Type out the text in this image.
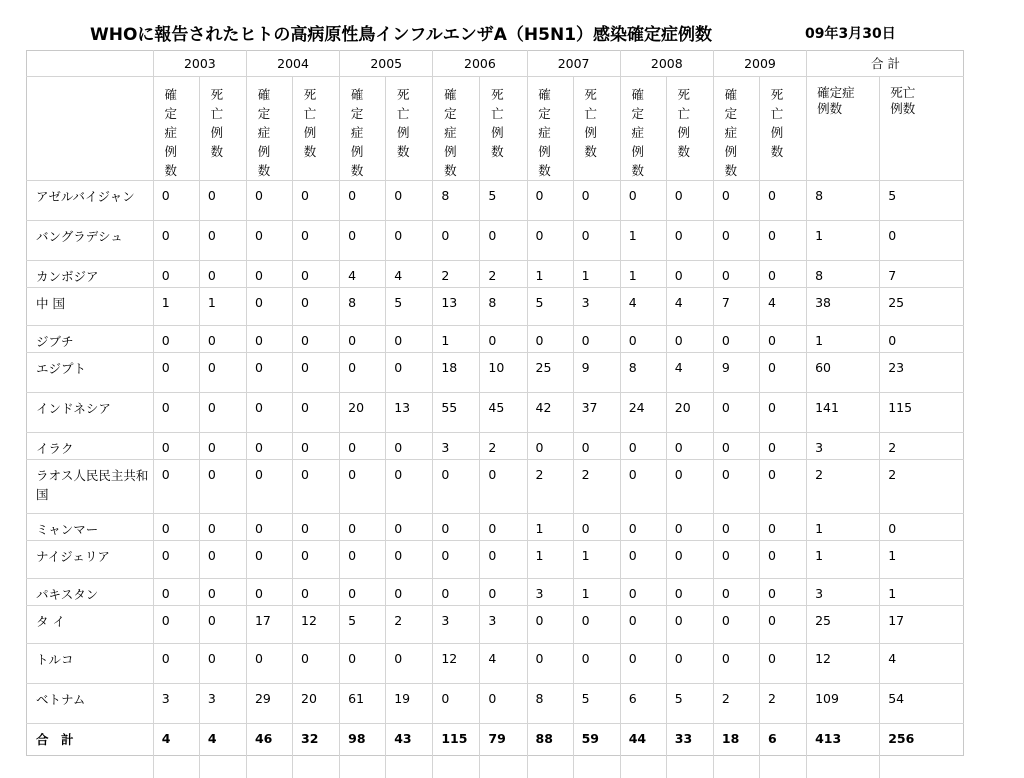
WHOに報告されたヒトの高病原性鳥インフルエンザA（H5N1）感染確定症例数	09年3月30日
	2003		2004		2005		2006		2007		2008		2009		合 計	

	確定症例数	死亡例数	確定症例数	死亡例数	確定症例数	死亡例数	確定症例数	死亡例数	確定症例数	死亡例数	確定症例数	死亡例数	確定症例数	死亡例数	確定症例数	死亡例数

アゼルバイジャン	0	0	0	0	0	0	8	5	0	0	0	0	0	0	8	5
バングラデシュ	0	0	0	0	0	0	0	0	0	0	1	0	0	0	1	0
カンボジア	0	0	0	0	4	4	2	2	1	1	1	0	0	0	8	7
中 国	1	1	0	0	8	5	13	8	5	3	4	4	7	4	38	25
ジブチ	0	0	0	0	0	0	1	0	0	0	0	0	0	0	1	0
エジプト	0	0	0	0	0	0	18	10	25	9	8	4	9	0	60	23
インドネシア	0	0	0	0	20	13	55	45	42	37	24	20	0	0	141	115
イラク	0	0	0	0	0	0	3	2	0	0	0	0	0	0	3	2
ラオス人民民主共和国	0	0	0	0	0	0	0	0	2	2	0	0	0	0	2	2
ミャンマー	0	0	0	0	0	0	0	0	1	0	0	0	0	0	1	0
ナイジェリア	0	0	0	0	0	0	0	0	1	1	0	0	0	0	1	1
パキスタン	0	0	0	0	0	0	0	0	3	1	0	0	0	0	3	1
タ イ	0	0	17	12	5	2	3	3	0	0	0	0	0	0	25	17
トルコ	0	0	0	0	0	0	12	4	0	0	0	0	0	0	12	4
ベトナム	3	3	29	20	61	19	0	0	8	5	6	5	2	2	109	54
合　計	4	4	46	32	98	43	115	79	88	59	44	33	18	6	413	256
